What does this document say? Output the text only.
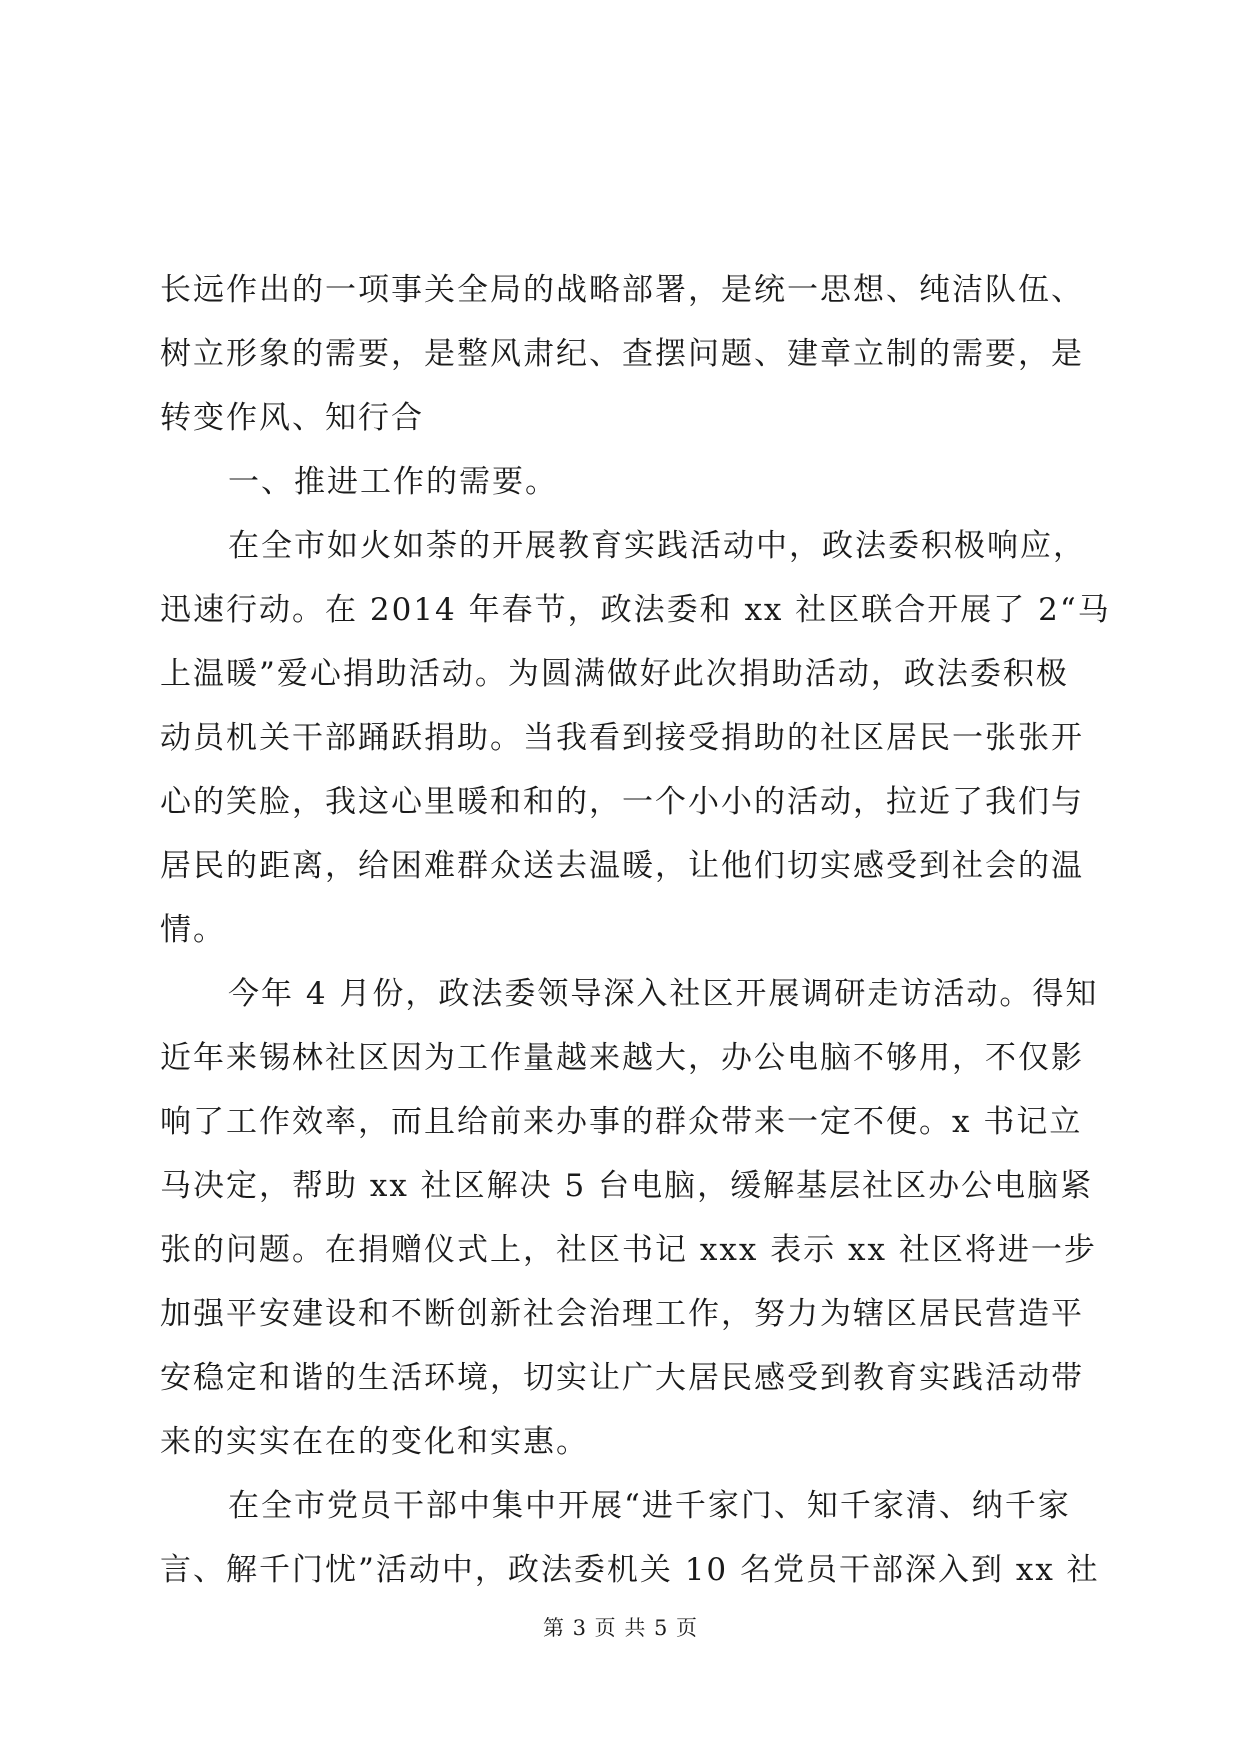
长远作出的一项事关全局的战略部署，是统一思想、纯洁队伍、
树立形象的需要，是整风肃纪、查摆问题、建章立制的需要，是
转变作风、知行合
一、推进工作的需要。
在全市如火如荼的开展教育实践活动中，政法委积极响应，
迅速行动。在 2014 年春节，政法委和 xx 社区联合开展了 2“马
上温暖”爱心捐助活动。为圆满做好此次捐助活动，政法委积极
动员机关干部踊跃捐助。当我看到接受捐助的社区居民一张张开
心的笑脸，我这心里暖和和的，一个小小的活动，拉近了我们与
居民的距离，给困难群众送去温暖，让他们切实感受到社会的温
情。
今年 4 月份，政法委领导深入社区开展调研走访活动。得知
近年来锡林社区因为工作量越来越大，办公电脑不够用，不仅影
响了工作效率，而且给前来办事的群众带来一定不便。x 书记立
马决定，帮助 xx 社区解决 5 台电脑，缓解基层社区办公电脑紧
张的问题。在捐赠仪式上，社区书记 xxx 表示 xx 社区将进一步
加强平安建设和不断创新社会治理工作，努力为辖区居民营造平
安稳定和谐的生活环境，切实让广大居民感受到教育实践活动带
来的实实在在的变化和实惠。
在全市党员干部中集中开展“进千家门、知千家清、纳千家
言、解千门忧”活动中，政法委机关 10 名党员干部深入到 xx 社
第 3 页 共 5 页
